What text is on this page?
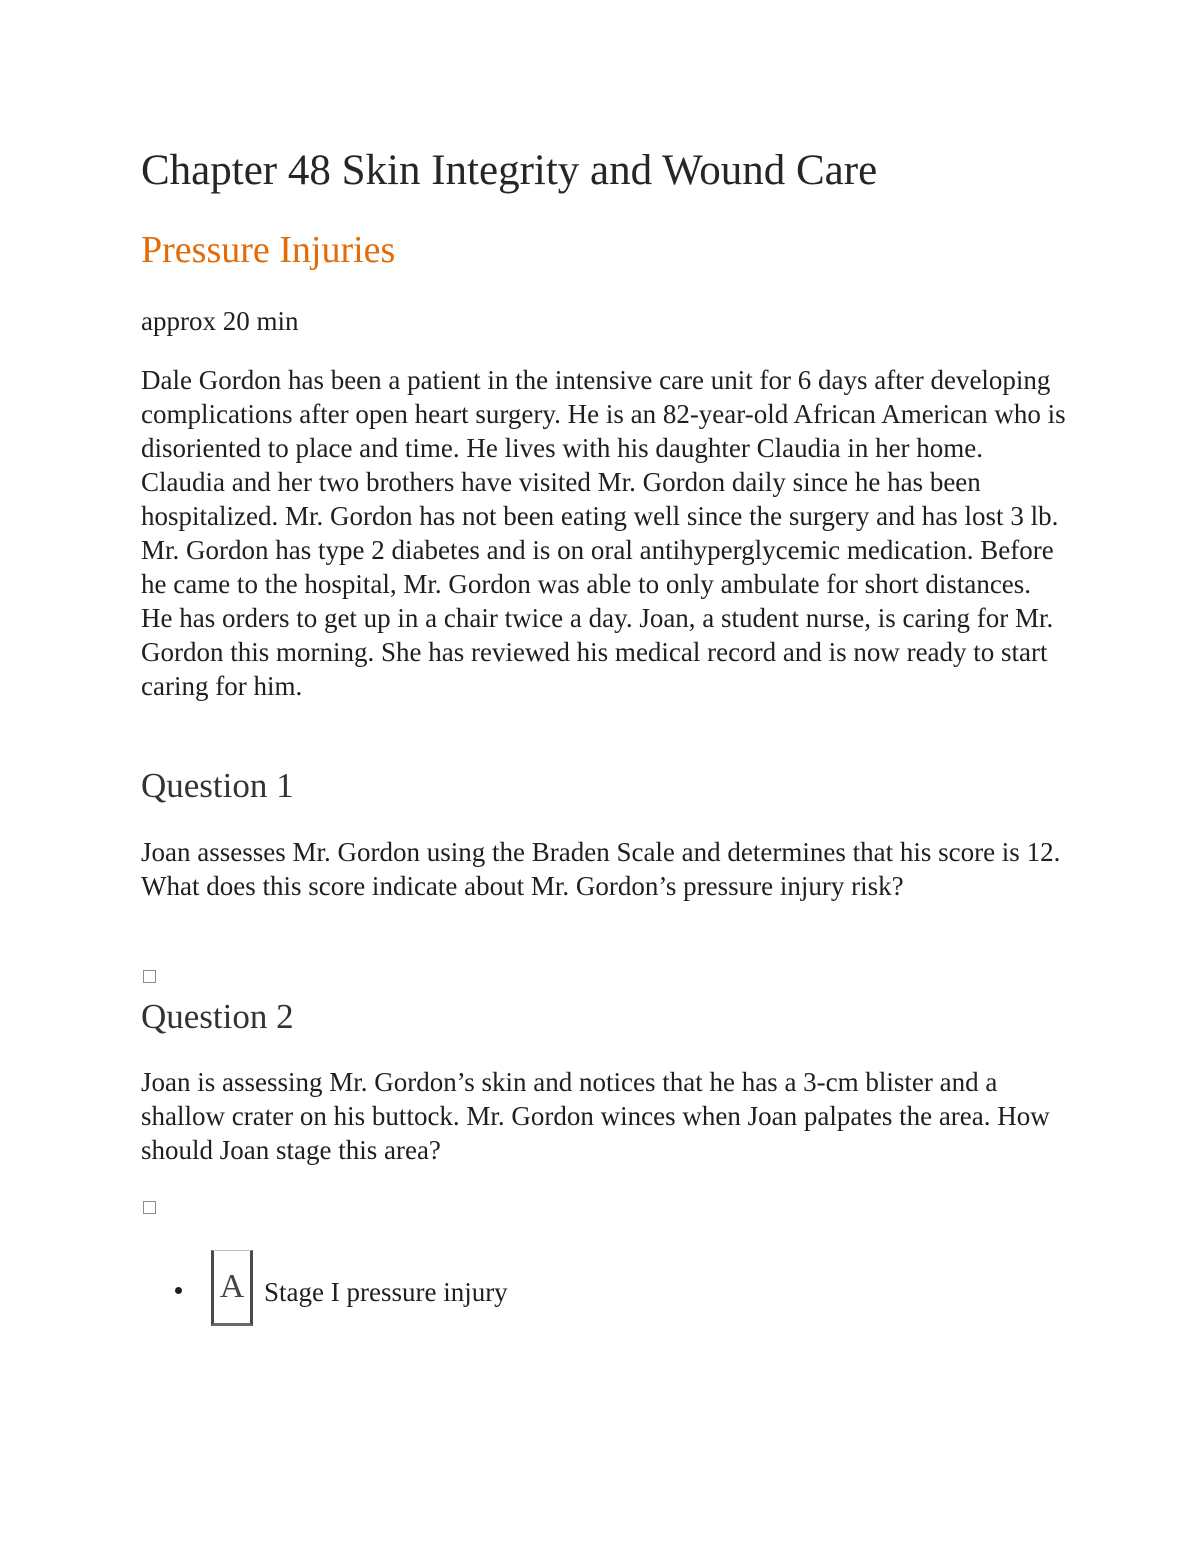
Chapter 48 Skin Integrity and Wound Care
Pressure Injuries

approx 20 min

Dale Gordon has been a patient in the intensive care unit for 6 days after developing complications after open heart surgery. He is an 82-year-old African American who is disoriented to place and time. He lives with his daughter Claudia in her home. Claudia and her two brothers have visited Mr. Gordon daily since he has been hospitalized. Mr. Gordon has not been eating well since the surgery and has lost 3 lb. Mr. Gordon has type 2 diabetes and is on oral antihyperglycemic medication. Before he came to the hospital, Mr. Gordon was able to only ambulate for short distances. He has orders to get up in a chair twice a day. Joan, a student nurse, is caring for Mr. Gordon this morning. She has reviewed his medical record and is now ready to start caring for him.

Question 1

Joan assesses Mr. Gordon using the Braden Scale and determines that his score is 12. What does this score indicate about Mr. Gordon’s pressure injury risk?

Question 2

Joan is assessing Mr. Gordon’s skin and notices that he has a 3-cm blister and a shallow crater on his buttock. Mr. Gordon winces when Joan palpates the area. How should Joan stage this area?

A Stage I pressure injury
